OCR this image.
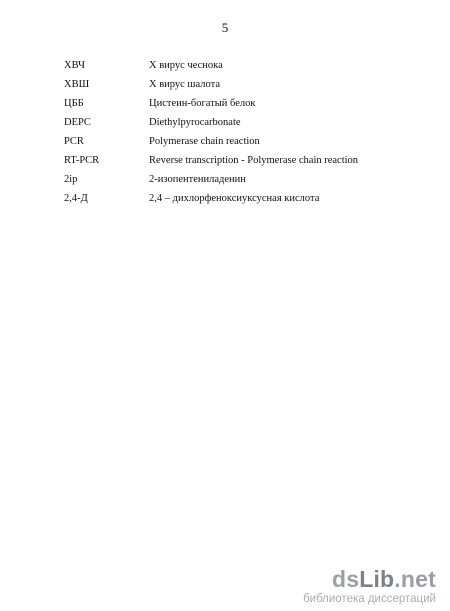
5
ХВЧ	Х вирус чеснока
ХВШ	Х вирус шалота
ЦББ	Цистеин-богатый белок
DEPC	Diethylpyrocarbonate
PCR	Polymerase chain reaction
RT-PCR	Reverse transcription - Polymerase chain reaction
2ip	2-изопентениладенин
2,4-Д	2,4 – дихлорфеноксиуксусная кислота
dsLib.net
библиотека диссертаций
